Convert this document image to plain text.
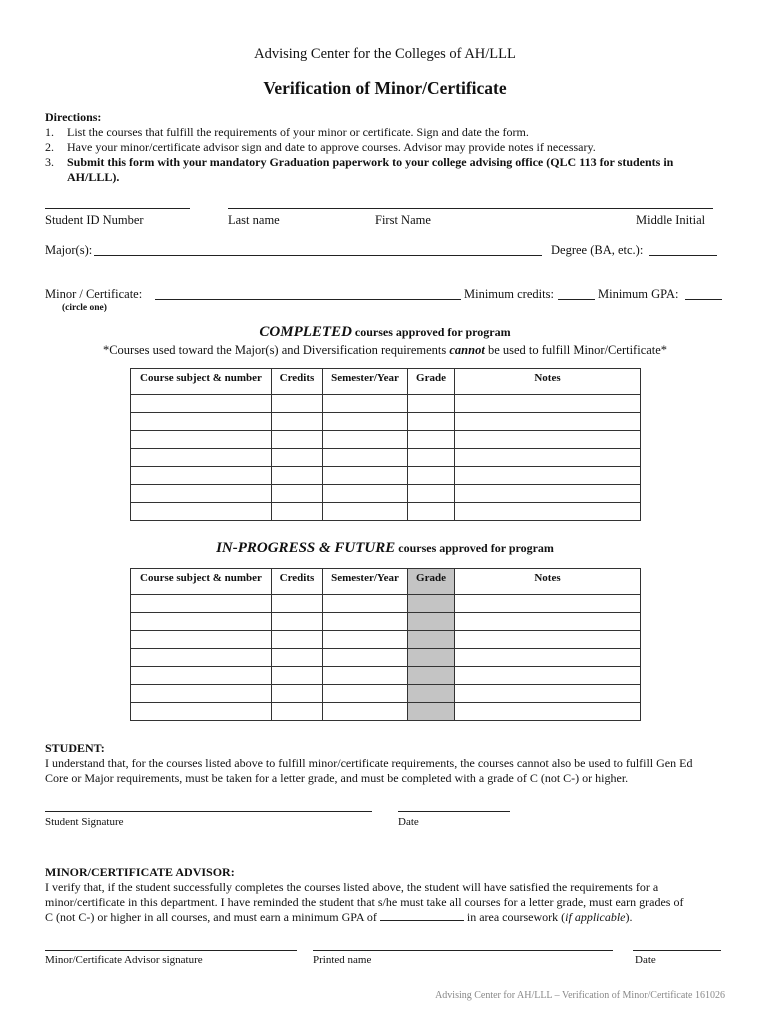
Advising Center for the Colleges of AH/LLL
Verification of Minor/Certificate
Directions:
1. List the courses that fulfill the requirements of your minor or certificate. Sign and date the form.
2. Have your minor/certificate advisor sign and date to approve courses. Advisor may provide notes if necessary.
3. Submit this form with your mandatory Graduation paperwork to your college advising office (QLC 113 for students in
AH/LLL).
Student ID Number	Last name	First Name	Middle Initial
Major(s):	Degree (BA, etc.):
Minor / Certificate:	Minimum credits:	Minimum GPA:
(circle one)
COMPLETED courses approved for program
*Courses used toward the Major(s) and Diversification requirements cannot be used to fulfill Minor/Certificate*
Course subject & number	Credits	Semester/Year	Grade	Notes

IN-PROGRESS & FUTURE courses approved for program
Course subject & number	Credits	Semester/Year	Grade	Notes

STUDENT:
I understand that, for the courses listed above to fulfill minor/certificate requirements, the courses cannot also be used to fulfill Gen Ed
Core or Major requirements, must be taken for a letter grade, and must be completed with a grade of C (not C-) or higher.
Student Signature	Date
MINOR/CERTIFICATE ADVISOR:
I verify that, if the student successfully completes the courses listed above, the student will have satisfied the requirements for a
minor/certificate in this department. I have reminded the student that s/he must take all courses for a letter grade, must earn grades of
C (not C-) or higher in all courses, and must earn a minimum GPA of	in area coursework (if applicable).
Minor/Certificate Advisor signature	Printed name	Date
Advising Center for AH/LLL – Verification of Minor/Certificate 161026
